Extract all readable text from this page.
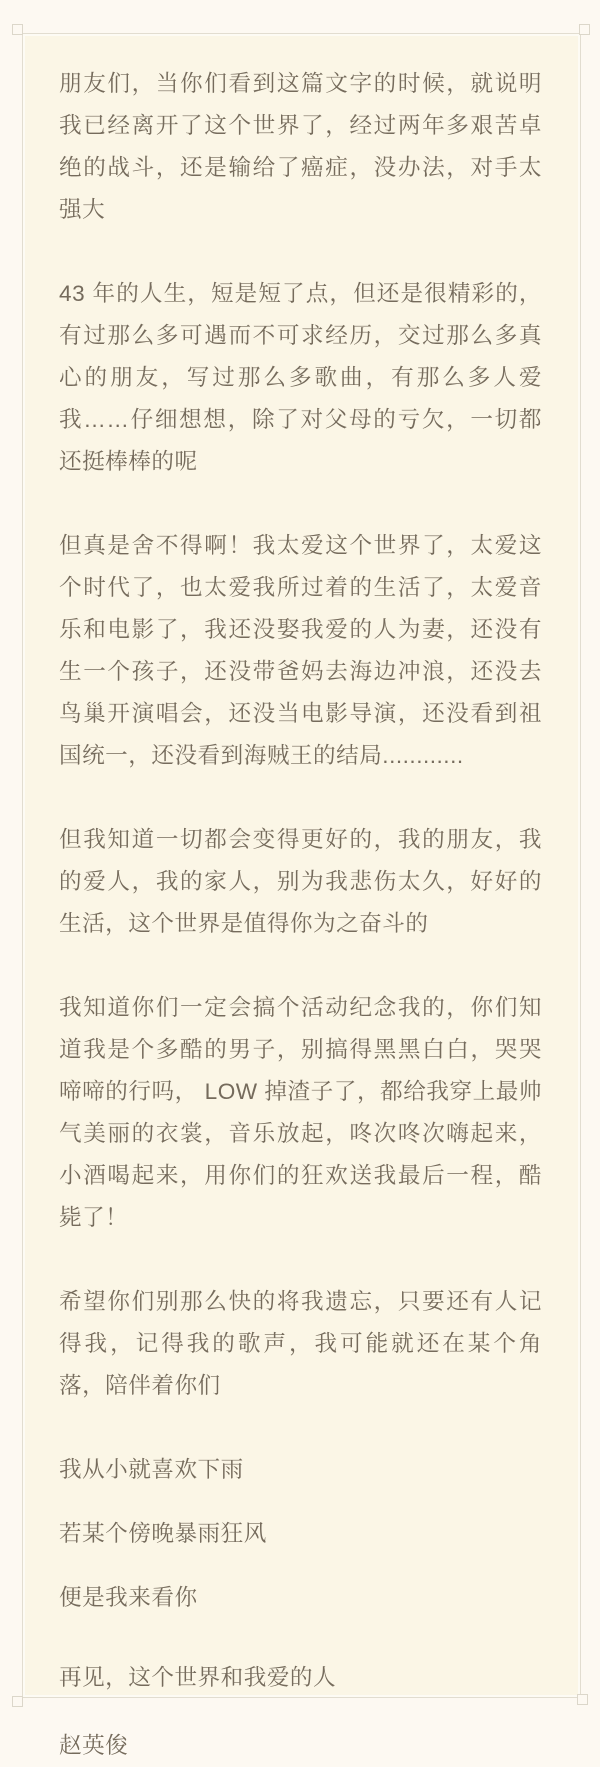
朋友们，当你们看到这篇文字的时候，就说明我已经离开了这个世界了，经过两年多艰苦卓绝的战斗，还是输给了癌症，没办法，对手太强大

43 年的人生，短是短了点，但还是很精彩的，有过那么多可遇而不可求经历，交过那么多真心的朋友，写过那么多歌曲，有那么多人爱我……仔细想想，除了对父母的亏欠，一切都还挺棒棒的呢

但真是舍不得啊！我太爱这个世界了，太爱这个时代了，也太爱我所过着的生活了，太爱音乐和电影了，我还没娶我爱的人为妻，还没有生一个孩子，还没带爸妈去海边冲浪，还没去鸟巢开演唱会，还没当电影导演，还没看到祖国统一，还没看到海贼王的结局............

但我知道一切都会变得更好的，我的朋友，我的爱人，我的家人，别为我悲伤太久，好好的生活，这个世界是值得你为之奋斗的

我知道你们一定会搞个活动纪念我的，你们知道我是个多酷的男子，别搞得黑黑白白，哭哭啼啼的行吗， LOW 掉渣子了，都给我穿上最帅气美丽的衣裳，音乐放起，咚次咚次嗨起来，小酒喝起来，用你们的狂欢送我最后一程，酷毙了！

希望你们别那么快的将我遗忘，只要还有人记得我，记得我的歌声，我可能就还在某个角落，陪伴着你们

我从小就喜欢下雨

若某个傍晚暴雨狂风

便是我来看你

再见，这个世界和我爱的人

赵英俊
